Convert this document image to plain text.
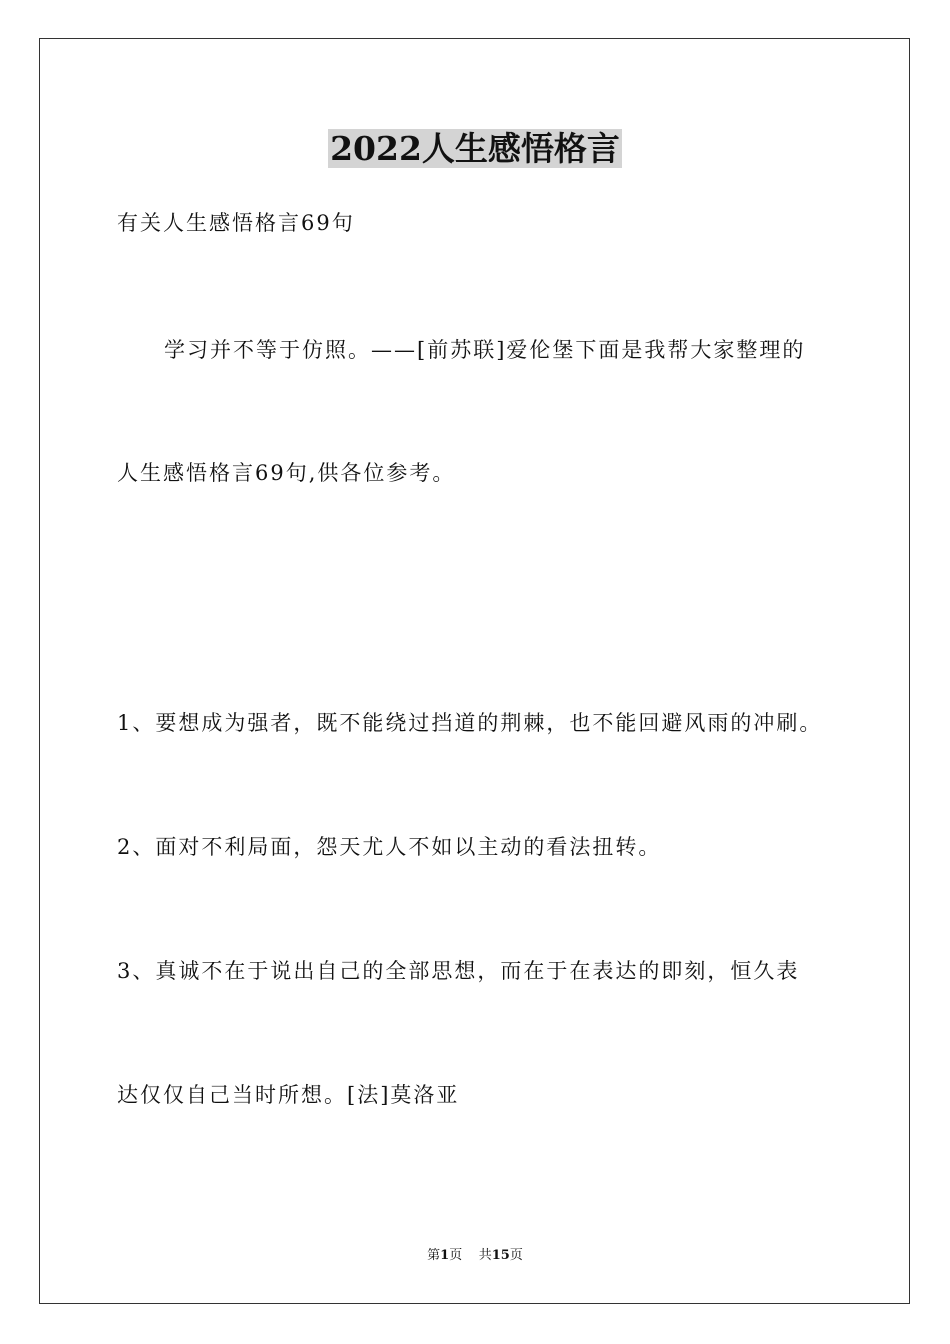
2022人生感悟格言
有关人生感悟格言69句
学习并不等于仿照。——[前苏联]爱伦堡下面是我帮大家整理的
人生感悟格言69句,供各位参考。
1、要想成为强者，既不能绕过挡道的荆棘，也不能回避风雨的冲刷。
2、面对不利局面，怨天尤人不如以主动的看法扭转。
3、真诚不在于说出自己的全部思想，而在于在表达的即刻，恒久表
达仅仅自己当时所想。[法]莫洛亚
第1页 共15页
